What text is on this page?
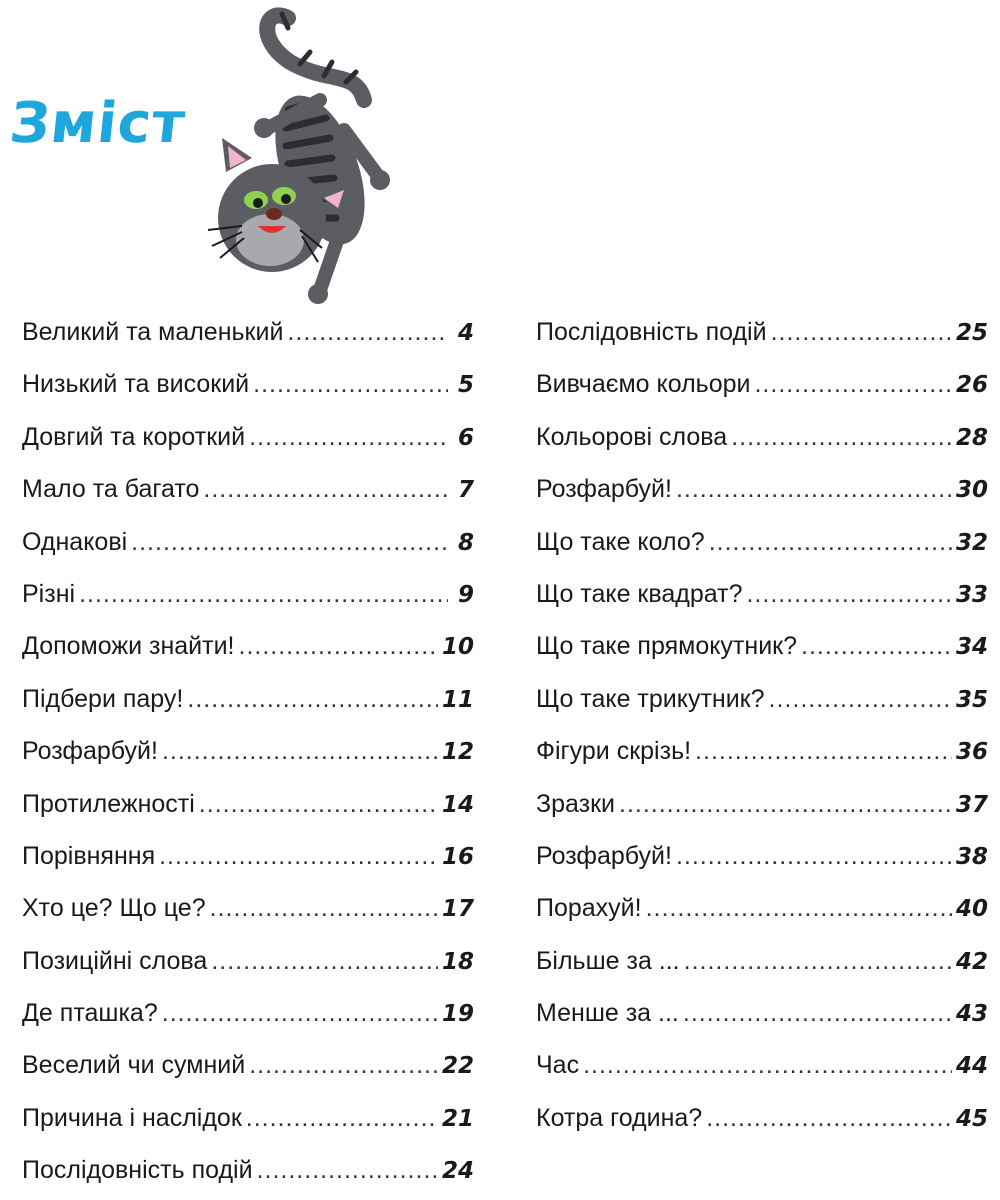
Зміст
Великий та маленький .....	4
Низький та високий .....	5
Довгий та короткий .....	6
Мало та багато .....	7
Однакові .....	8
Різні .....	9
Допоможи знайти! .....	10
Підбери пару! .....	11
Розфарбуй! .....	12
Протилежності .....	14
Порівняння .....	16
Хто це? Що це? .....	17
Позиційні слова .....	18
Де пташка? .....	19
Веселий чи сумний .....	22
Причина і наслідок .....	21
Послідовність подій .....	24
Послідовність подій .....	25
Вивчаємо кольори .....	26
Кольорові слова .....	28
Розфарбуй! .....	30
Що таке коло? .....	32
Що таке квадрат? .....	33
Що таке прямокутник? .....	34
Що таке трикутник? .....	35
Фігури скрізь! .....	36
Зразки .....	37
Розфарбуй! .....	38
Порахуй! .....	40
Більше за ... .....	42
Менше за ... .....	43
Час .....	44
Котра година? .....	45
